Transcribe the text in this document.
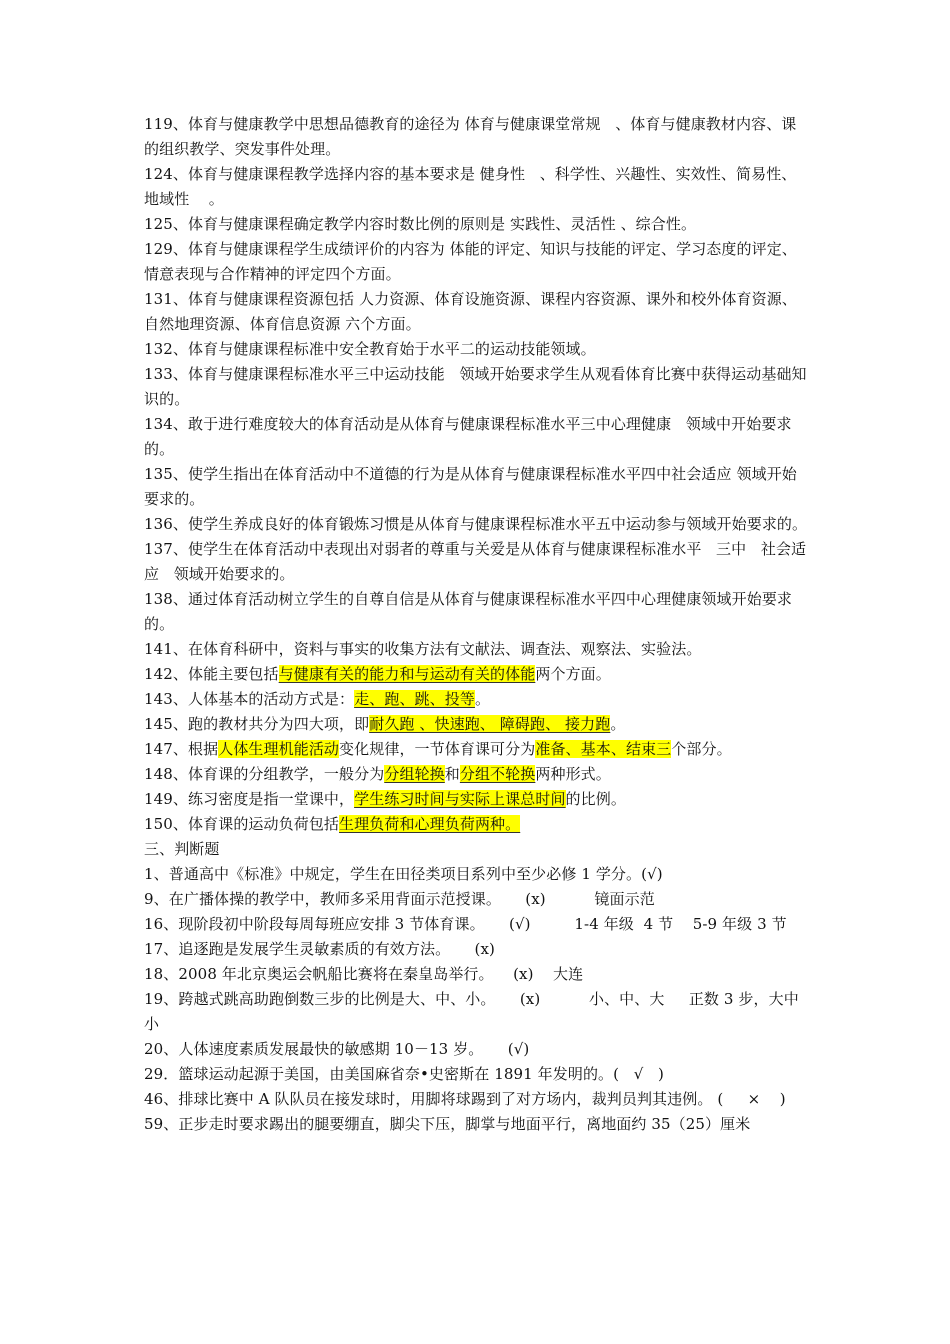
119、体育与健康教学中思想品德教育的途径为 体育与健康课堂常规   、体育与健康教材内容、课的组织教学、突发事件处理。

124、体育与健康课程教学选择内容的基本要求是 健身性   、科学性、兴趣性、实效性、简易性、 地域性    。

125、体育与健康课程确定教学内容时数比例的原则是 实践性、灵活性 、综合性。

129、体育与健康课程学生成绩评价的内容为 体能的评定、知识与技能的评定、学习态度的评定、情意表现与合作精神的评定四个方面。

131、体育与健康课程资源包括 人力资源、体育设施资源、课程内容资源、课外和校外体育资源、自然地理资源、体育信息资源 六个方面。

132、体育与健康课程标准中安全教育始于水平二的运动技能领域。

133、体育与健康课程标准水平三中运动技能   领域开始要求学生从观看体育比赛中获得运动基础知识的。

134、敢于进行难度较大的体育活动是从体育与健康课程标准水平三中心理健康   领域中开始要求的。

135、使学生指出在体育活动中不道德的行为是从体育与健康课程标准水平四中社会适应 领域开始要求的。

136、使学生养成良好的体育锻炼习惯是从体育与健康课程标准水平五中运动参与领域开始要求的。

137、使学生在体育活动中表现出对弱者的尊重与关爱是从体育与健康课程标准水平   三中   社会适应   领域开始要求的。

138、通过体育活动树立学生的自尊自信是从体育与健康课程标准水平四中心理健康领域开始要求的。

141、在体育科研中，资料与事实的收集方法有文献法、调查法、观察法、实验法。

142、体能主要包括与健康有关的能力和与运动有关的体能两个方面。

143、人体基本的活动方式是：走、跑、跳、投等。

145、跑的教材共分为四大项，即耐久跑 、快速跑、 障碍跑、 接力跑。

147、根据人体生理机能活动变化规律，一节体育课可分为准备、基本、结束三个部分。

148、体育课的分组教学，一般分为分组轮换和分组不轮换两种形式。

149、练习密度是指一堂课中，学生练习时间与实际上课总时间的比例。

150、体育课的运动负荷包括生理负荷和心理负荷两种。

三、判断题

1、普通高中《标准》中规定，学生在田径类项目系列中至少必修 1 学分。(√)

9、在广播体操的教学中，教师多采用背面示范授课。     (x)          镜面示范

16、现阶段初中阶段每周每班应安排 3 节体育课。     (√)         1-4 年级  4 节    5-9 年级 3 节

17、追逐跑是发展学生灵敏素质的有效方法。     (x)

18、2008 年北京奥运会帆船比赛将在秦皇岛举行。    (x)    大连

19、跨越式跳高助跑倒数三步的比例是大、中、小。     (x)          小、中、大     正数 3 步，大中小

20、人体速度素质发展最快的敏感期 10－13 岁。     (√)

29．篮球运动起源于美国，由美国麻省奈•史密斯在 1891 年发明的。(   √   )

46、排球比赛中 A 队队员在接发球时，用脚将球踢到了对方场内，裁判员判其违例。 (     ×    )

59、正步走时要求踢出的腿要绷直，脚尖下压，脚掌与地面平行，离地面约 35（25）厘米
